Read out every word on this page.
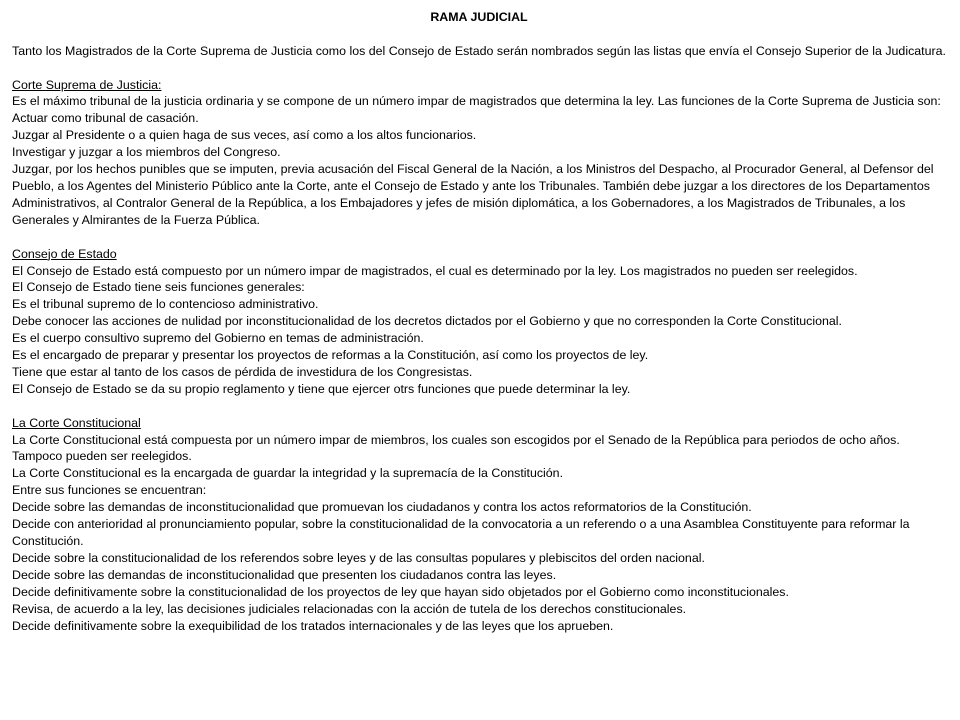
RAMA JUDICIAL

Tanto los Magistrados de la Corte Suprema de Justicia como los del Consejo de Estado serán nombrados según las listas que envía el Consejo Superior de la Judicatura.

Corte Suprema de Justicia:

Es el máximo tribunal de la justicia ordinaria y se compone de un número impar de magistrados que determina la ley. Las funciones de la Corte Suprema de Justicia son:
Actuar como tribunal de casación.
Juzgar al Presidente o a quien haga de sus veces, así como a los altos funcionarios.
Investigar y juzgar a los miembros del Congreso.
Juzgar, por los hechos punibles que se imputen, previa acusación del Fiscal General de la Nación, a los Ministros del Despacho, al Procurador General, al Defensor del Pueblo, a los Agentes del Ministerio Público ante la Corte, ante el Consejo de Estado y ante los Tribunales. También debe juzgar a los directores de los Departamentos Administrativos, al Contralor General de la República, a los Embajadores y jefes de misión diplomática, a los Gobernadores, a los Magistrados de Tribunales, a los Generales y Almirantes de la Fuerza Pública.

Consejo de Estado

El Consejo de Estado está compuesto por un número impar de magistrados, el cual es determinado por la ley. Los magistrados no pueden ser reelegidos.
El Consejo de Estado tiene seis funciones generales:
Es el tribunal supremo de lo contencioso administrativo.
Debe conocer las acciones de nulidad por inconstitucionalidad de los decretos dictados por el Gobierno y que no corresponden la Corte Constitucional.
Es el cuerpo consultivo supremo del Gobierno en temas de administración.
Es el encargado de preparar y presentar los proyectos de reformas a la Constitución, así como los proyectos de ley.
Tiene que estar al tanto de los casos de pérdida de investidura de los Congresistas.
El Consejo de Estado se da su propio reglamento y tiene que ejercer otrs funciones que puede determinar la ley.

La Corte Constitucional

La Corte Constitucional está compuesta por un número impar de miembros, los cuales son escogidos por el Senado de la República para periodos de ocho años. Tampoco pueden ser reelegidos.
La Corte Constitucional es la encargada de guardar la integridad y la supremacía de la Constitución.
Entre sus funciones se encuentran:
Decide sobre las demandas de inconstitucionalidad que promuevan los ciudadanos y contra los actos reformatorios de la Constitución.
Decide con anterioridad al pronunciamiento popular, sobre la constitucionalidad de la convocatoria a un referendo o a una Asamblea Constituyente para reformar la Constitución.
Decide sobre la constitucionalidad de los referendos sobre leyes y de las consultas populares y plebiscitos del orden nacional.
Decide sobre las demandas de inconstitucionalidad que presenten los ciudadanos contra las leyes.
Decide definitivamente sobre la constitucionalidad de los proyectos de ley que hayan sido objetados por el Gobierno como inconstitucionales.
Revisa, de acuerdo a la ley, las decisiones judiciales relacionadas con la acción de tutela de los derechos constitucionales.
Decide definitivamente sobre la exequibilidad de los tratados internacionales y de las leyes que los aprueben.
